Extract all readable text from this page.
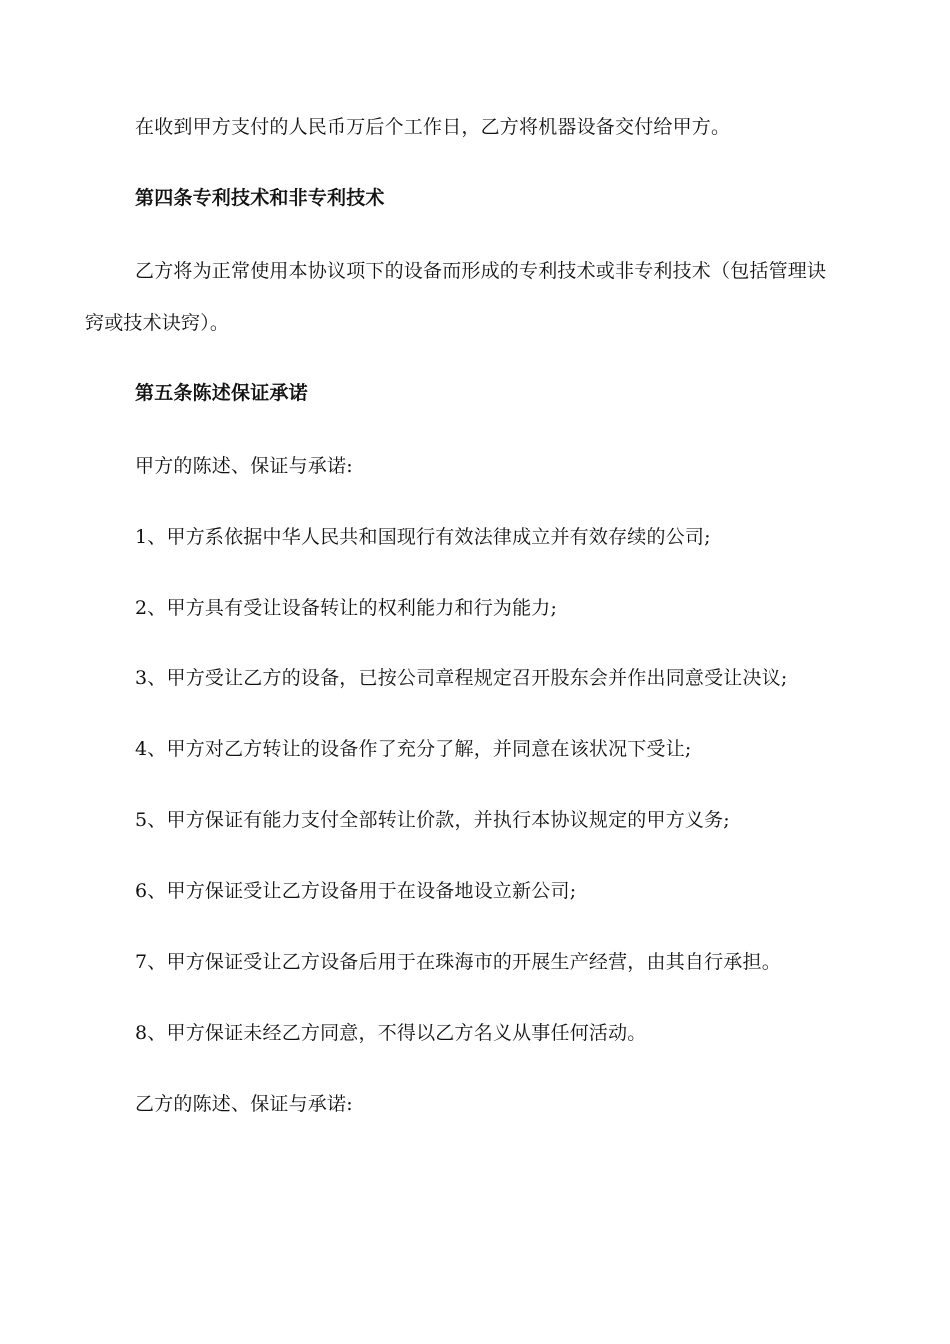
在收到甲方支付的人民币万后个工作日，乙方将机器设备交付给甲方。
第四条专利技术和非专利技术
乙方将为正常使用本协议项下的设备而形成的专利技术或非专利技术（包括管理诀
窍或技术诀窍）。
第五条陈述保证承诺
甲方的陈述、保证与承诺:
1、甲方系依据中华人民共和国现行有效法律成立并有效存续的公司;
2、甲方具有受让设备转让的权利能力和行为能力;
3、甲方受让乙方的设备，已按公司章程规定召开股东会并作出同意受让决议;
4、甲方对乙方转让的设备作了充分了解，并同意在该状况下受让;
5、甲方保证有能力支付全部转让价款，并执行本协议规定的甲方义务;
6、甲方保证受让乙方设备用于在设备地设立新公司;
7、甲方保证受让乙方设备后用于在珠海市的开展生产经营，由其自行承担。
8、甲方保证未经乙方同意，不得以乙方名义从事任何活动。
乙方的陈述、保证与承诺:
